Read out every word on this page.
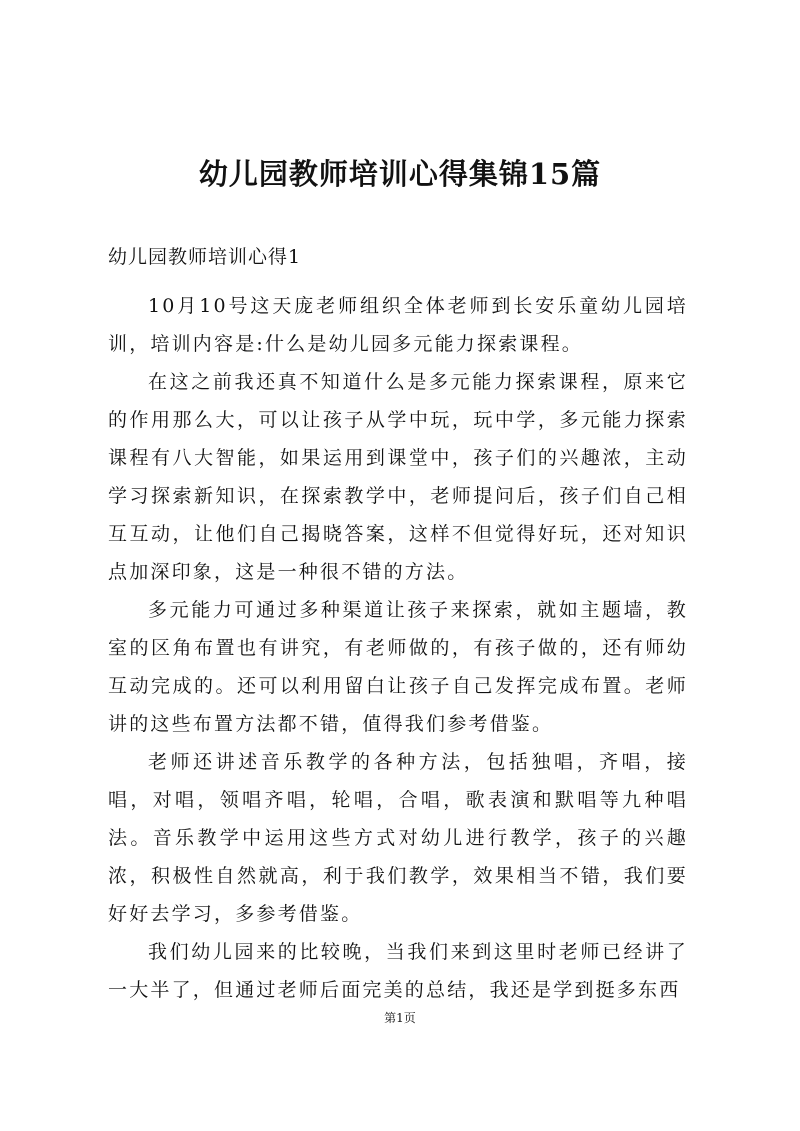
幼儿园教师培训心得集锦15篇
幼儿园教师培训心得1

10月10号这天庞老师组织全体老师到长安乐童幼儿园培训，培训内容是:什么是幼儿园多元能力探索课程。

在这之前我还真不知道什么是多元能力探索课程，原来它的作用那么大，可以让孩子从学中玩，玩中学，多元能力探索课程有八大智能，如果运用到课堂中，孩子们的兴趣浓，主动学习探索新知识，在探索教学中，老师提问后，孩子们自己相互互动，让他们自己揭晓答案，这样不但觉得好玩，还对知识点加深印象，这是一种很不错的方法。

多元能力可通过多种渠道让孩子来探索，就如主题墙，教室的区角布置也有讲究，有老师做的，有孩子做的，还有师幼互动完成的。还可以利用留白让孩子自己发挥完成布置。老师讲的这些布置方法都不错，值得我们参考借鉴。

老师还讲述音乐教学的各种方法，包括独唱，齐唱，接唱，对唱，领唱齐唱，轮唱，合唱，歌表演和默唱等九种唱法。音乐教学中运用这些方式对幼儿进行教学，孩子的兴趣浓，积极性自然就高，利于我们教学，效果相当不错，我们要好好去学习，多参考借鉴。

我们幼儿园来的比较晚，当我们来到这里时老师已经讲了一大半了，但通过老师后面完美的总结，我还是学到挺多东西

第1页
